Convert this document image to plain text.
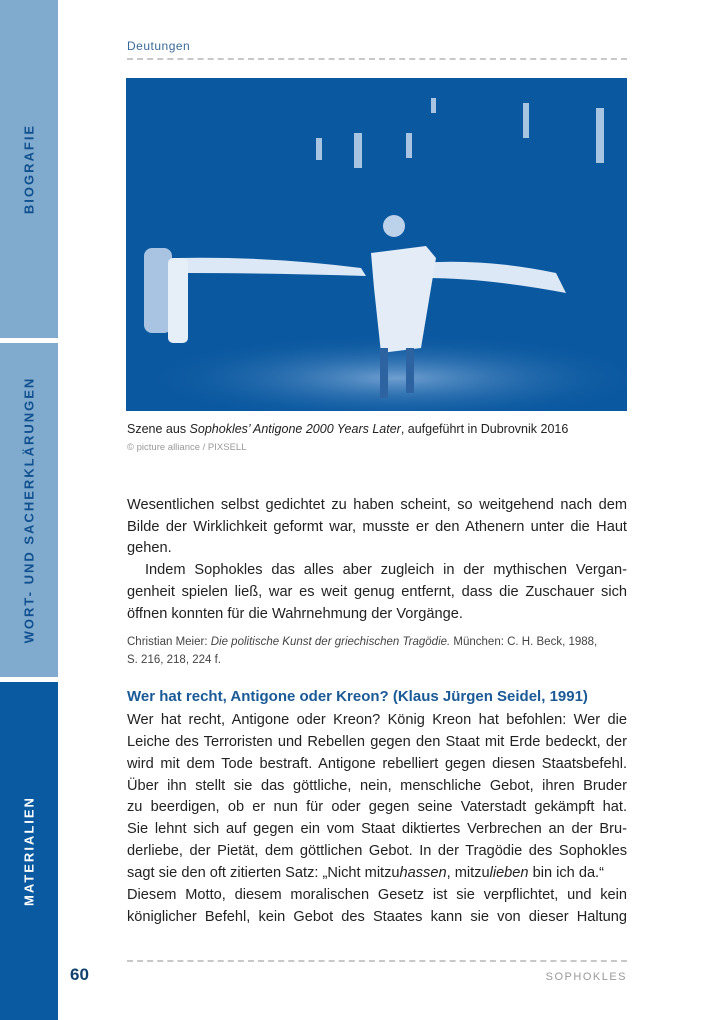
BIOGRAFIE
WORT- UND SACHERKLÄRUNGEN
MATERIALIEN
Deutungen
Szene aus Sophokles’ Antigone 2000 Years Later, aufgeführt in Dubrovnik 2016
© picture alliance / PIXSELL
Wesentlichen selbst gedichtet zu haben scheint, so weitgehend nach dem
Bilde der Wirklichkeit geformt war, musste er den Athenern unter die Haut
gehen.
Indem Sophokles das alles aber zugleich in der mythischen Vergan-
genheit spielen ließ, war es weit genug entfernt, dass die Zuschauer sich
öffnen konnten für die Wahrnehmung der Vorgänge.
Christian Meier: Die politische Kunst der griechischen Tragödie. München: C. H. Beck, 1988,
S. 216, 218, 224 f.
Wer hat recht, Antigone oder Kreon? (Klaus Jürgen Seidel, 1991)
Wer hat recht, Antigone oder Kreon? König Kreon hat befohlen: Wer die
Leiche des Terroristen und Rebellen gegen den Staat mit Erde bedeckt, der
wird mit dem Tode bestraft. Antigone rebelliert gegen diesen Staatsbefehl.
Über ihn stellt sie das göttliche, nein, menschliche Gebot, ihren Bruder
zu beerdigen, ob er nun für oder gegen seine Vaterstadt gekämpft hat.
Sie lehnt sich auf gegen ein vom Staat diktiertes Verbrechen an der Bru-
derliebe, der Pietät, dem göttlichen Gebot. In der Tragödie des Sophokles
sagt sie den oft zitierten Satz: „Nicht mitzuhassen, mitzulieben bin ich da.“
Diesem Motto, diesem moralischen Gesetz ist sie verpflichtet, und kein
königlicher Befehl, kein Gebot des Staates kann sie von dieser Haltung
60	SOPHOKLES
